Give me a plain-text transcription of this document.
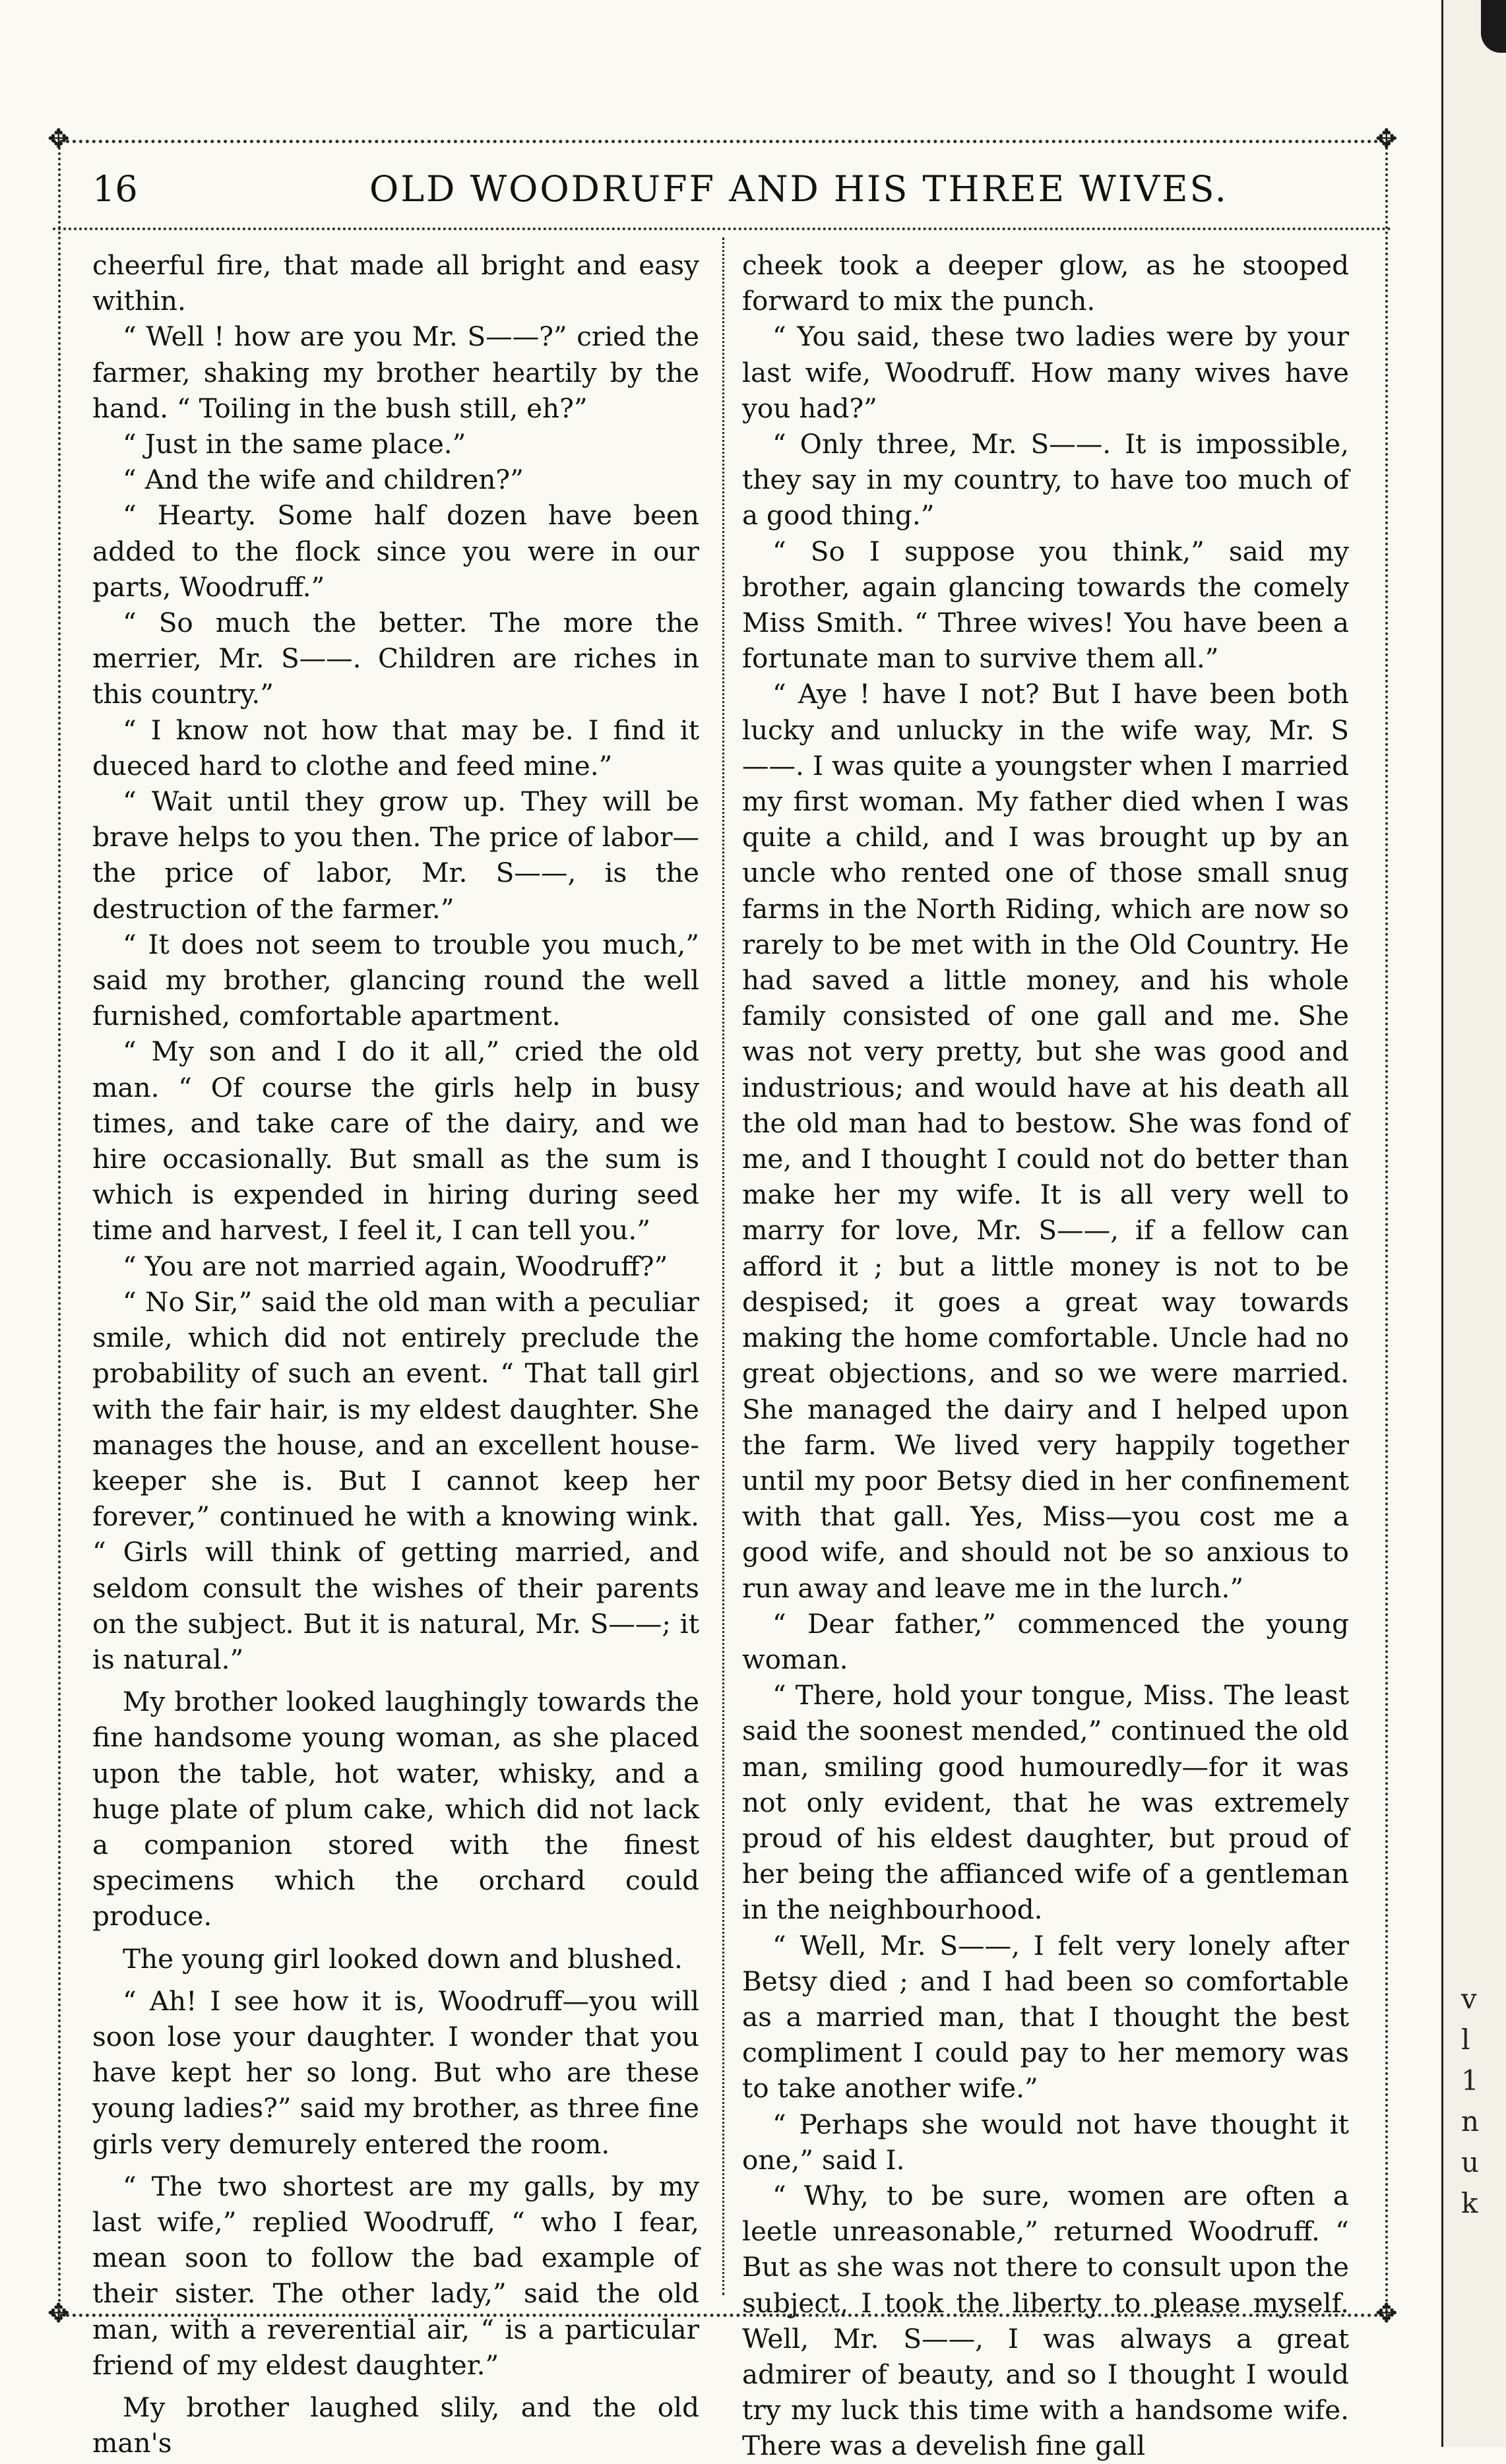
✥	✥
✥	✥
16	OLD WOODRUFF AND HIS THREE WIVES.

cheerful fire, that made all bright and easy within.

“ Well ! how are you Mr. S——?” cried the farmer, shaking my brother heartily by the hand. “ Toiling in the bush still, eh?”

“ Just in the same place.”

“ And the wife and children?”

“ Hearty. Some half dozen have been added to the flock since you were in our parts, Woodruff.”

“ So much the better. The more the merrier, Mr. S——. Children are riches in this country.”

“ I know not how that may be. I find it dueced hard to clothe and feed mine.”

“ Wait until they grow up. They will be brave helps to you then. The price of labor—the price of labor, Mr. S——, is the destruction of the farmer.”

“ It does not seem to trouble you much,” said my brother, glancing round the well furnished, comfortable apartment.

“ My son and I do it all,” cried the old man. “ Of course the girls help in busy times, and take care of the dairy, and we hire occasionally. But small as the sum is which is expended in hiring during seed time and harvest, I feel it, I can tell you.”

“ You are not married again, Woodruff?”

“ No Sir,” said the old man with a peculiar smile, which did not entirely preclude the probability of such an event. “ That tall girl with the fair hair, is my eldest daughter. She manages the house, and an excellent house-keeper she is. But I cannot keep her forever,” continued he with a knowing wink. “ Girls will think of getting married, and seldom consult the wishes of their parents on the subject. But it is natural, Mr. S——; it is natural.”

My brother looked laughingly towards the fine handsome young woman, as she placed upon the table, hot water, whisky, and a huge plate of plum cake, which did not lack a companion stored with the finest specimens which the orchard could produce.

The young girl looked down and blushed.

“ Ah! I see how it is, Woodruff—you will soon lose your daughter. I wonder that you have kept her so long. But who are these young ladies?” said my brother, as three fine girls very demurely entered the room.

“ The two shortest are my galls, by my last wife,” replied Woodruff, “ who I fear, mean soon to follow the bad example of their sister. The other lady,” said the old man, with a reverential air, “ is a particular friend of my eldest daughter.”

My brother laughed slily, and the old man's

cheek took a deeper glow, as he stooped forward to mix the punch.

“ You said, these two ladies were by your last wife, Woodruff. How many wives have you had?”

“ Only three, Mr. S——. It is impossible, they say in my country, to have too much of a good thing.”

“ So I suppose you think,” said my brother, again glancing towards the comely Miss Smith. “ Three wives! You have been a fortunate man to survive them all.”

“ Aye ! have I not? But I have been both lucky and unlucky in the wife way, Mr. S——. I was quite a youngster when I married my first woman. My father died when I was quite a child, and I was brought up by an uncle who rented one of those small snug farms in the North Riding, which are now so rarely to be met with in the Old Country. He had saved a little money, and his whole family consisted of one gall and me. She was not very pretty, but she was good and industrious; and would have at his death all the old man had to bestow. She was fond of me, and I thought I could not do better than make her my wife. It is all very well to marry for love, Mr. S——, if a fellow can afford it ; but a little money is not to be despised; it goes a great way towards making the home comfortable. Uncle had no great objections, and so we were married. She managed the dairy and I helped upon the farm. We lived very happily together until my poor Betsy died in her confinement with that gall. Yes, Miss—you cost me a good wife, and should not be so anxious to run away and leave me in the lurch.”

“ Dear father,” commenced the young woman.

“ There, hold your tongue, Miss. The least said the soonest mended,” continued the old man, smiling good humouredly—for it was not only evident, that he was extremely proud of his eldest daughter, but proud of her being the affianced wife of a gentleman in the neighbourhood.

“ Well, Mr. S——, I felt very lonely after Betsy died ; and I had been so comfortable as a married man, that I thought the best compliment I could pay to her memory was to take another wife.”

“ Perhaps she would not have thought it one,” said I.

“ Why, to be sure, women are often a leetle unreasonable,” returned Woodruff. “ But as she was not there to consult upon the subject, I took the liberty to please myself. Well, Mr. S——, I was always a great admirer of beauty, and so I thought I would try my luck this time with a handsome wife. There was a develish fine gall

v
l
1
n
u
k
